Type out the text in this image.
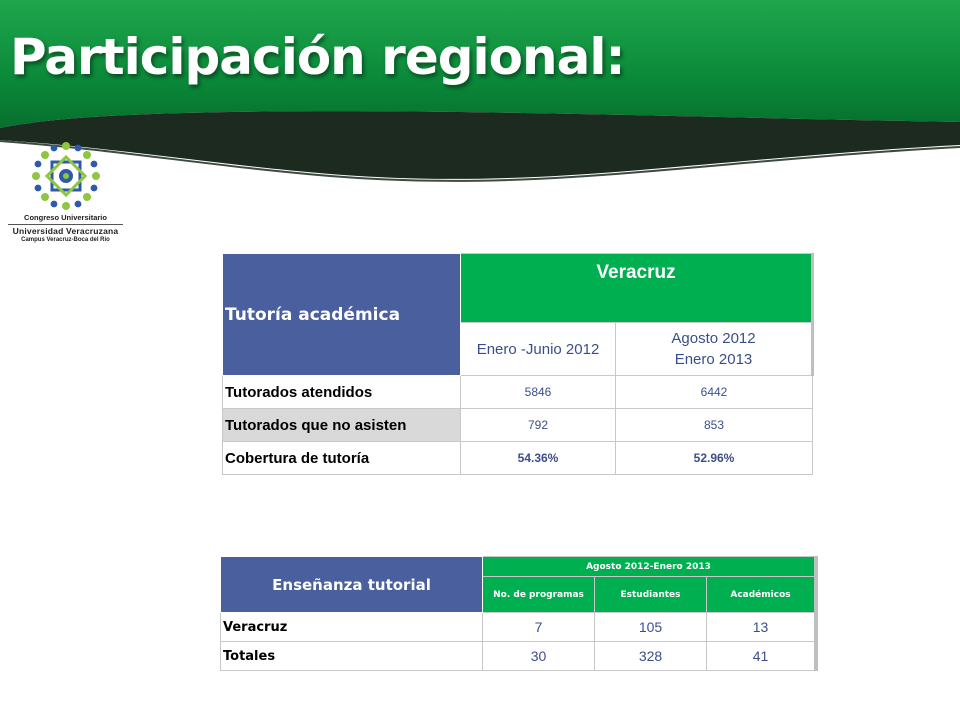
Participación regional:
Congreso Universitario
Universidad Veracruzana
Campus Veracruz-Boca del Río
Tutoría académica	Veracruz	
	Enero -Junio 2012	Agosto 2012
Enero 2013
Tutorados atendidos	5846	6442
Tutorados que no asisten	792	853
Cobertura de tutoría	54.36%	52.96%
Enseñanza tutorial	Agosto 2012-Enero 2013		
	No. de programas	Estudiantes	Académicos
Veracruz	7	105	13
Totales	30	328	41
